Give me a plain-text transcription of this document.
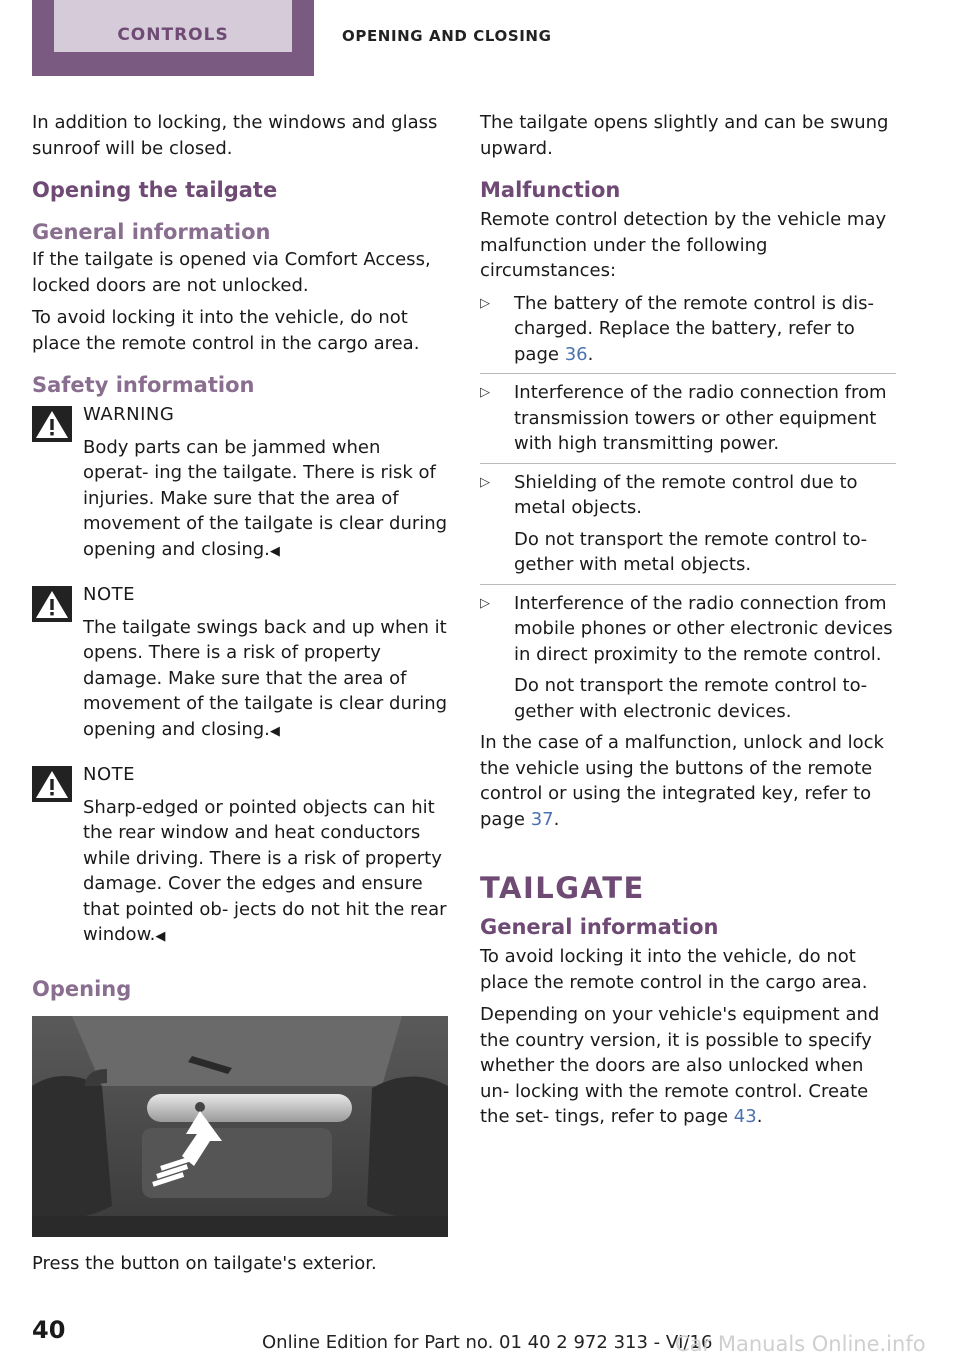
CONTROLS	OPENING AND CLOSING

In addition to locking, the windows and glass sunroof will be closed.

Opening the tailgate
General information

If the tailgate is opened via Comfort Access, locked doors are not unlocked.

To avoid locking it into the vehicle, do not place the remote control in the cargo area.

Safety information
WARNING

Body parts can be jammed when operat‐ ing the tailgate. There is risk of injuries. Make sure that the area of movement of the tailgate is clear during opening and closing.◀

NOTE

The tailgate swings back and up when it opens. There is a risk of property damage. Make sure that the area of movement of the tailgate is clear during opening and closing.◀

NOTE

Sharp-edged or pointed objects can hit the rear window and heat conductors while driving. There is a risk of property damage. Cover the edges and ensure that pointed ob‐ jects do not hit the rear window.◀

Opening

Press the button on tailgate's exterior.

The tailgate opens slightly and can be swung upward.

Malfunction

Remote control detection by the vehicle may malfunction under the following circumstances:

▷ The battery of the remote control is dis‐ charged. Replace the battery, refer to page 36.

▷ Interference of the radio connection from transmission towers or other equipment with high transmitting power.

▷ Shielding of the remote control due to metal objects.

Do not transport the remote control to‐ gether with metal objects.

▷ Interference of the radio connection from mobile phones or other electronic devices in direct proximity to the remote control.

Do not transport the remote control to‐ gether with electronic devices.

In the case of a malfunction, unlock and lock the vehicle using the buttons of the remote control or using the integrated key, refer to page 37.

TAILGATE
General information

To avoid locking it into the vehicle, do not place the remote control in the cargo area.

Depending on your vehicle's equipment and the country version, it is possible to specify whether the doors are also unlocked when un‐ locking with the remote control. Create the set‐ tings, refer to page 43.

40	Online Edition for Part no. 01 40 2 972 313 - VI/16
Car Manuals Online.info
